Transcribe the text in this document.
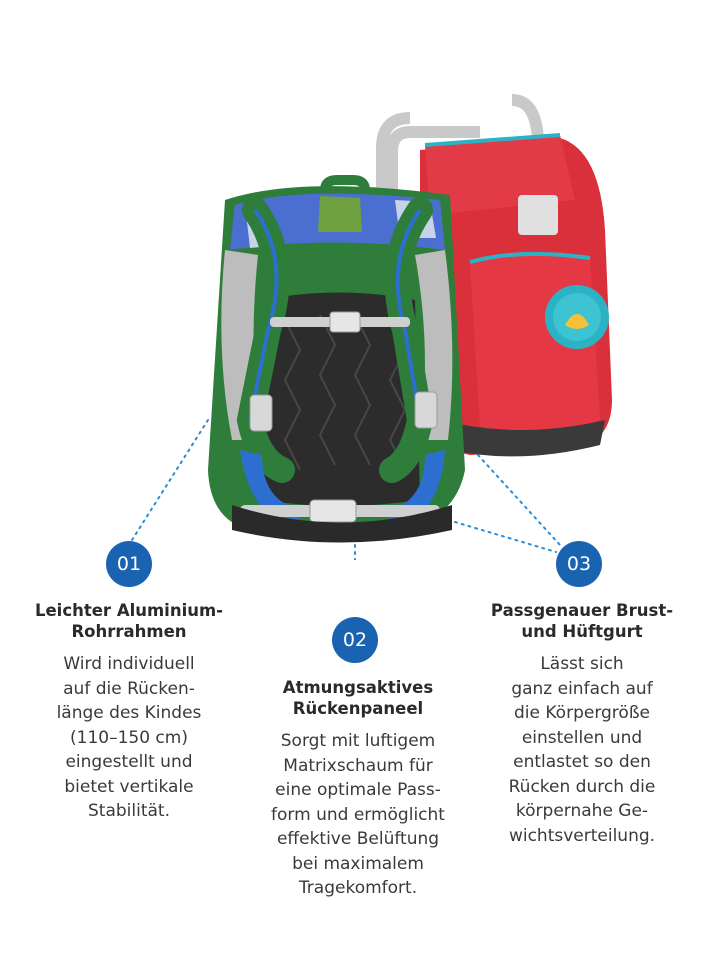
01
Leichter Aluminium-
Rohrrahmen

Wird individuell
auf die Rücken-
länge des Kindes
(110–150 cm)
eingestellt und
bietet vertikale
Stabilität.

02
Atmungsaktives
Rückenpaneel

Sorgt mit luftigem
Matrixschaum für
eine optimale Pass-
form und ermöglicht
effektive Belüftung
bei maximalem
Tragekomfort.

03
Passgenauer Brust-
und Hüftgurt

Lässt sich
ganz einfach auf
die Körpergröße
einstellen und
entlastet so den
Rücken durch die
körpernahe Ge-
wichtsverteilung.
